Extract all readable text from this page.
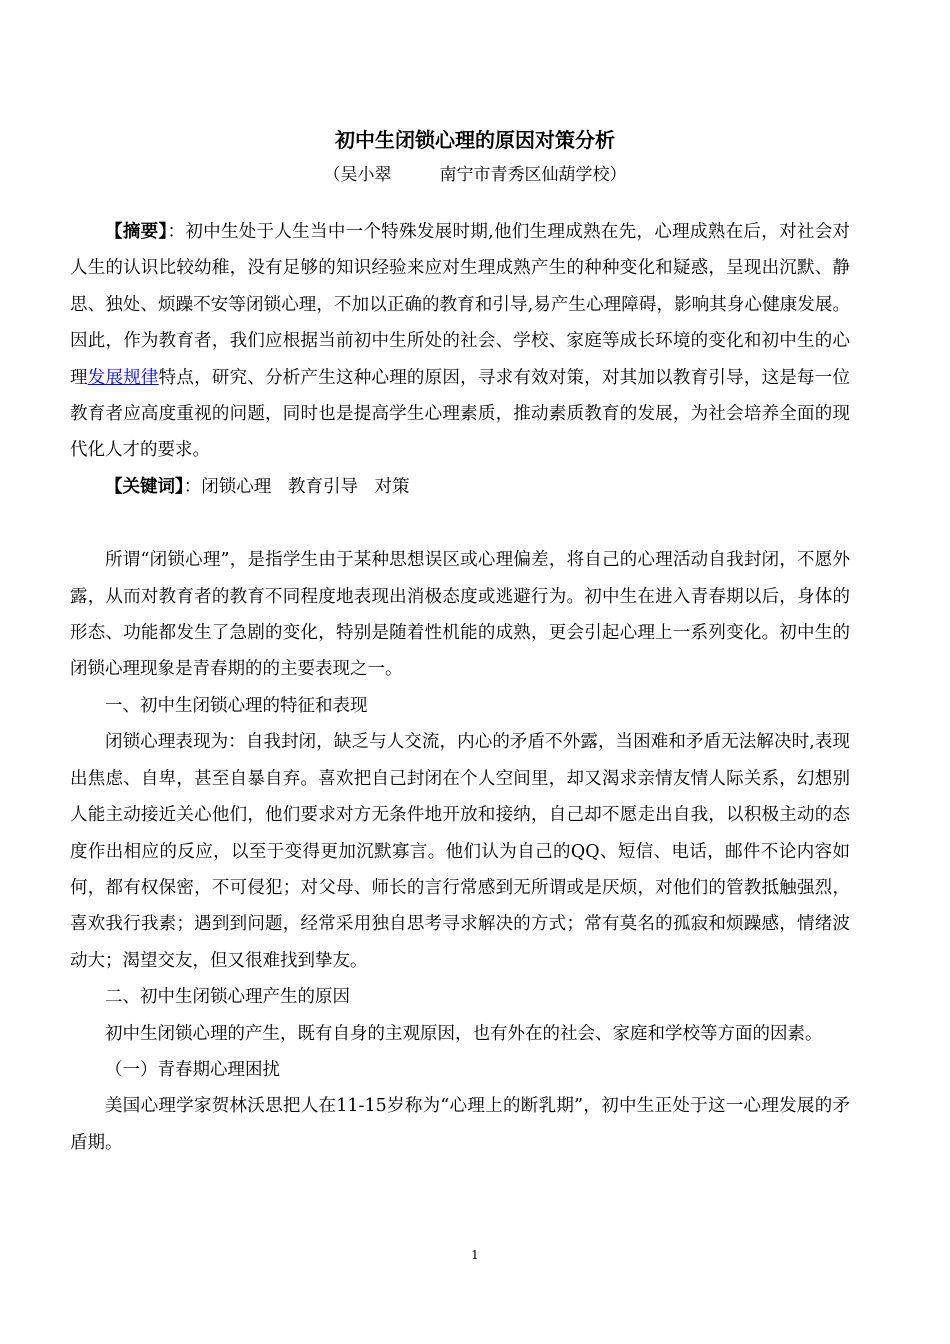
初中生闭锁心理的原因对策分析
（吴小翠	南宁市青秀区仙葫学校）

【摘要】：初中生处于人生当中一个特殊发展时期,他们生理成熟在先，心理成熟在后，对社会对人生的认识比较幼稚，没有足够的知识经验来应对生理成熟产生的种种变化和疑惑，呈现出沉默、静思、独处、烦躁不安等闭锁心理，不加以正确的教育和引导,易产生心理障碍，影响其身心健康发展。因此，作为教育者，我们应根据当前初中生所处的社会、学校、家庭等成长环境的变化和初中生的心理发展规律特点，研究、分析产生这种心理的原因，寻求有效对策，对其加以教育引导，这是每一位教育者应高度重视的问题，同时也是提高学生心理素质，推动素质教育的发展，为社会培养全面的现代化人才的要求。

【关键词】：闭锁心理   教育引导   对策

所谓“闭锁心理”，是指学生由于某种思想误区或心理偏差，将自己的心理活动自我封闭，不愿外露，从而对教育者的教育不同程度地表现出消极态度或逃避行为。初中生在进入青春期以后，身体的形态、功能都发生了急剧的变化，特别是随着性机能的成熟，更会引起心理上一系列变化。初中生的闭锁心理现象是青春期的的主要表现之一。

一、初中生闭锁心理的特征和表现

闭锁心理表现为：自我封闭，缺乏与人交流，内心的矛盾不外露，当困难和矛盾无法解决时,表现出焦虑、自卑，甚至自暴自弃。喜欢把自己封闭在个人空间里，却又渴求亲情友情人际关系，幻想别人能主动接近关心他们，他们要求对方无条件地开放和接纳，自己却不愿走出自我，以积极主动的态度作出相应的反应，以至于变得更加沉默寡言。他们认为自己的QQ、短信、电话，邮件不论内容如何，都有权保密，不可侵犯；对父母、师长的言行常感到无所谓或是厌烦，对他们的管教抵触强烈，喜欢我行我素；遇到到问题，经常采用独自思考寻求解决的方式；常有莫名的孤寂和烦躁感，情绪波动大；渴望交友，但又很难找到挚友。

二、初中生闭锁心理产生的原因

初中生闭锁心理的产生，既有自身的主观原因，也有外在的社会、家庭和学校等方面的因素。

（一）青春期心理困扰

美国心理学家贺林沃思把人在11-15岁称为“心理上的断乳期”，初中生正处于这一心理发展的矛盾期。

1
